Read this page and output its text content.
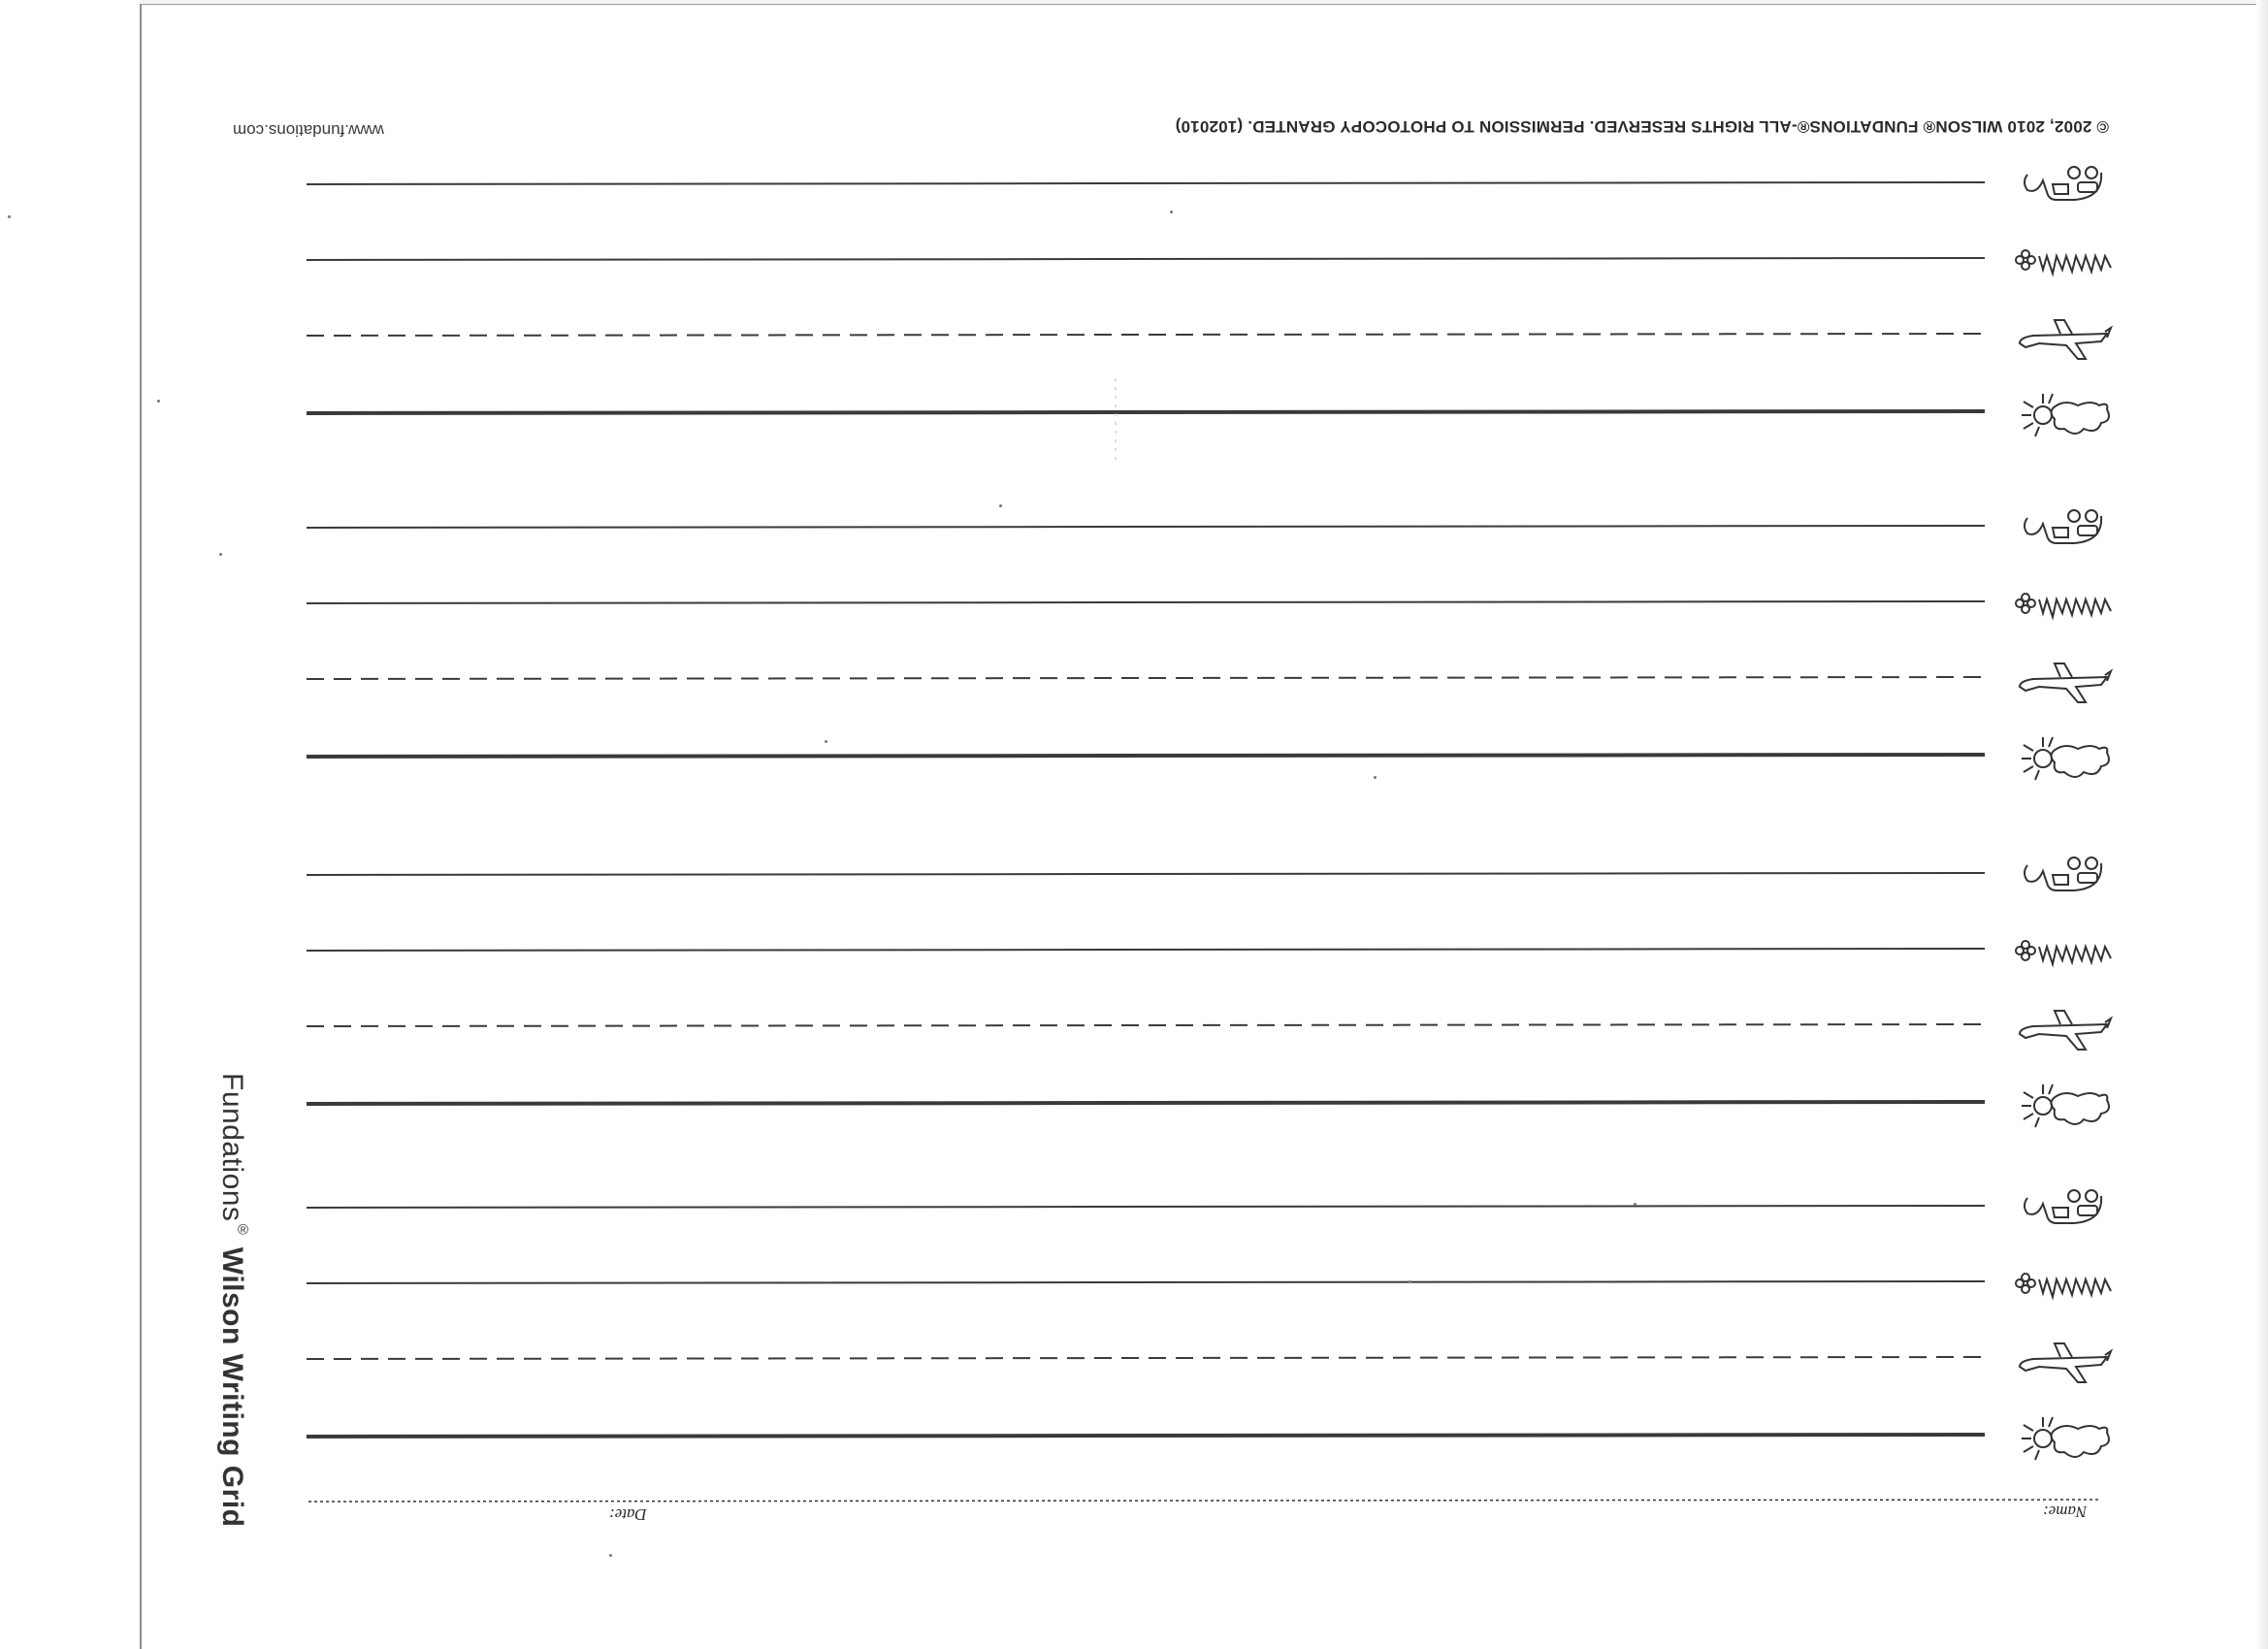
© 2002, 2010 WILSON® FUNDATIONS®-ALL RIGHTS RESERVED. PERMISSION TO PHOTOCOPY GRANTED. (102010)
www.fundations.com
Name:
Date:
Fundations® Wilson Writing Grid
